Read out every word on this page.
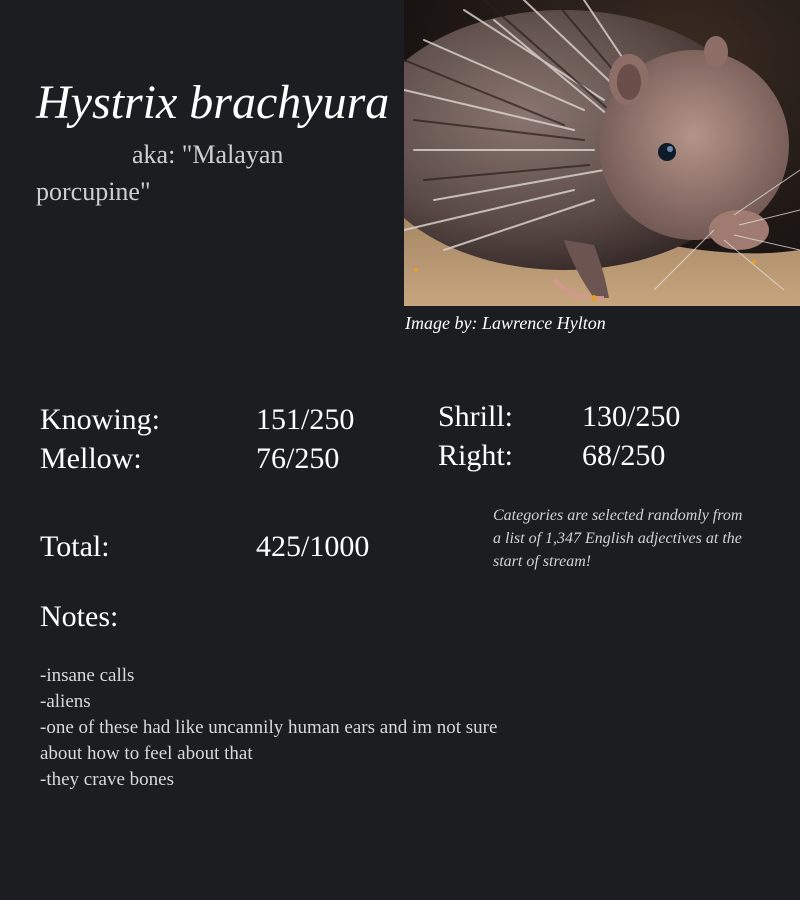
Hystrix brachyura
aka: "Malayan porcupine"
Image by: Lawrence Hylton
Knowing:	151/250
Mellow:	76/250
Shrill: 130/250
Right: 68/250
Total:	425/1000
Categories are selected randomly from a list of 1,347 English adjectives at the start of stream!
Notes:
-insane calls
-aliens
-one of these had like uncannily human ears and im not sure about how to feel about that
-they crave bones
